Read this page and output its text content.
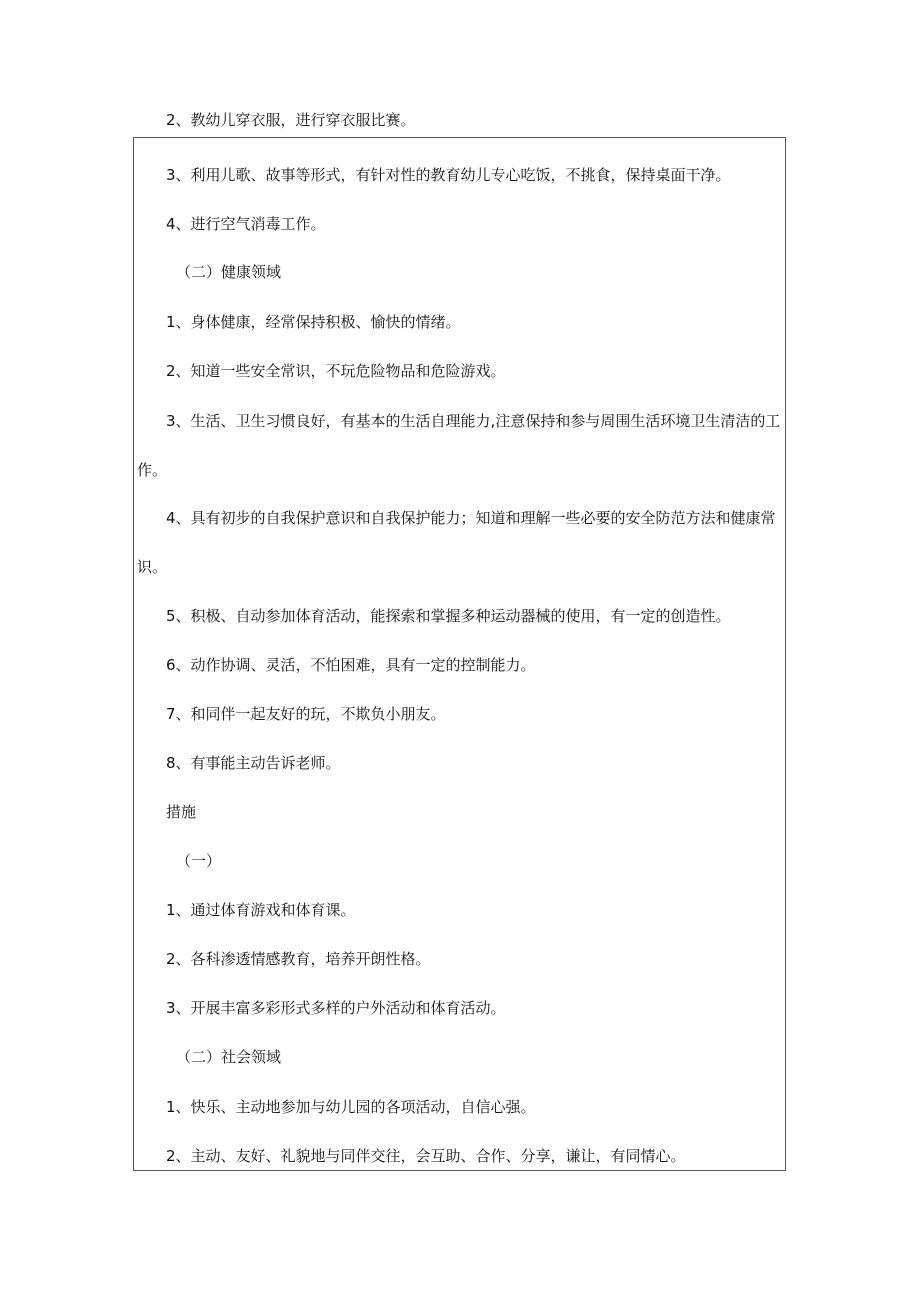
2、教幼儿穿衣服，进行穿衣服比赛。
3、利用儿歌、故事等形式，有针对性的教育幼儿专心吃饭，不挑食，保持桌面干净。
4、进行空气消毒工作。
（二）健康领域
1、身体健康，经常保持积极、愉快的情绪。
2、知道一些安全常识，不玩危险物品和危险游戏。
3、生活、卫生习惯良好，有基本的生活自理能力,注意保持和参与周围生活环境卫生清洁的工
作。
4、具有初步的自我保护意识和自我保护能力；知道和理解一些必要的安全防范方法和健康常
识。
5、积极、自动参加体育活动，能探索和掌握多种运动器械的使用，有一定的创造性。
6、动作协调、灵活，不怕困难，具有一定的控制能力。
7、和同伴一起友好的玩，不欺负小朋友。
8、有事能主动告诉老师。
措施
（一）
1、通过体育游戏和体育课。
2、各科渗透情感教育，培养开朗性格。
3、开展丰富多彩形式多样的户外活动和体育活动。
（二）社会领域
1、快乐、主动地参加与幼儿园的各项活动，自信心强。
2、主动、友好、礼貌地与同伴交往，会互助、合作、分享，谦让，有同情心。
